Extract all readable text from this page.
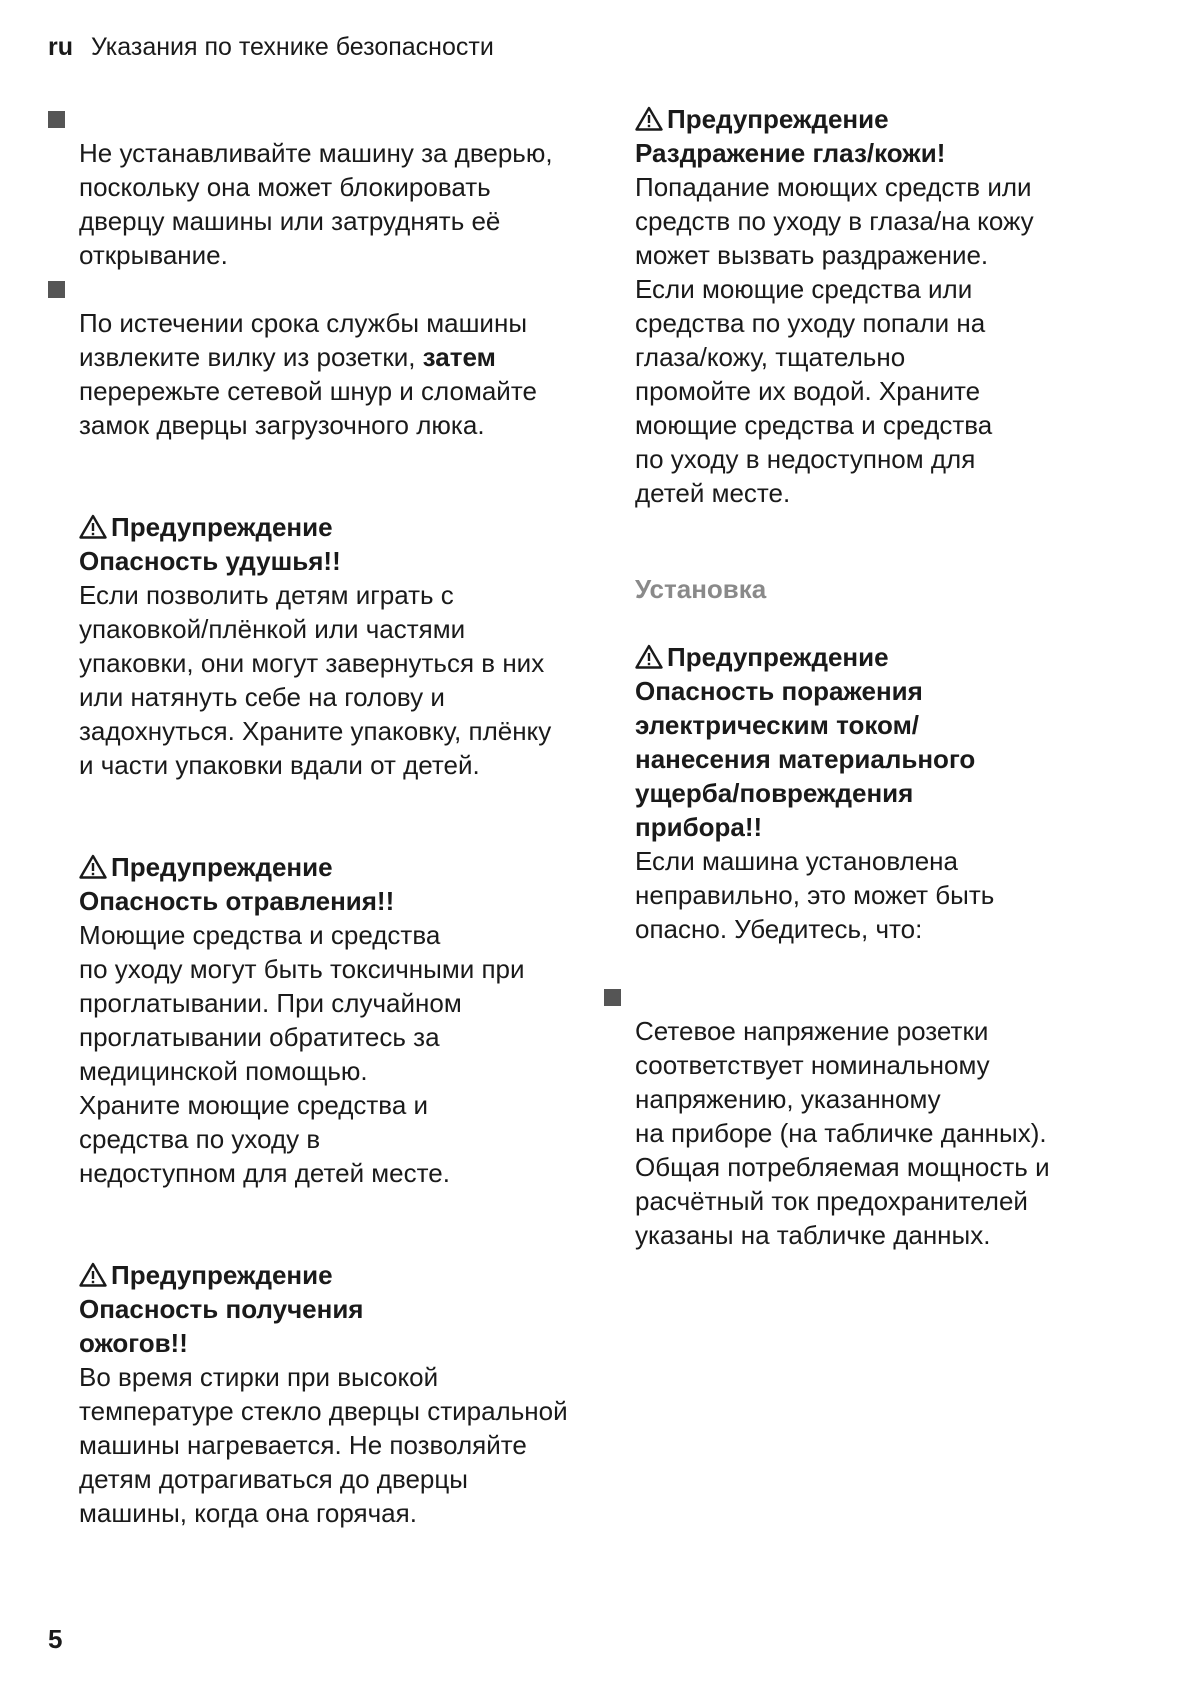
ru Указания по технике безопасности

Не устанавливайте машину за дверью,
поскольку она может блокировать
дверцу машины или затруднять её
открывание.

По истечении срока службы машины
извлеките вилку из розетки, затем
перережьте сетевой шнур и сломайте
замок дверцы загрузочного люка.

Предупреждение

Опасность удушья!!

Если позволить детям играть с
упаковкой/плёнкой или частями
упаковки, они могут завернуться в них
или натянуть себе на голову и
задохнуться. Храните упаковку, плёнку
и части упаковки вдали от детей.

Предупреждение

Опасность отравления!!

Моющие средства и средства
по уходу могут быть токсичными при
проглатывании. При случайном
проглатывании обратитесь за
медицинской помощью.
Храните моющие средства и
средства по уходу в
недоступном для детей месте.

Предупреждение

Опасность получения
ожогов!!

Во время стирки при высокой
температуре стекло дверцы стиральной
машины нагревается. Не позволяйте
детям дотрагиваться до дверцы
машины, когда она горячая.

Предупреждение

Раздражение глаз/кожи!

Попадание моющих средств или
средств по уходу в глаза/на кожу
может вызвать раздражение.
Если моющие средства или
средства по уходу попали на
глаза/кожу, тщательно
промойте их водой. Храните
моющие средства и средства
по уходу в недоступном для
детей месте.

Установка

Предупреждение

Опасность поражения
электрическим током/
нанесения материального
ущерба/повреждения
прибора!!

Если машина установлена
неправильно, это может быть
опасно. Убедитесь, что:

Сетевое напряжение розетки
соответствует номинальному
напряжению, указанному
на приборе (на табличке данных).
Общая потребляемая мощность и
расчётный ток предохранителей
указаны на табличке данных.

5
